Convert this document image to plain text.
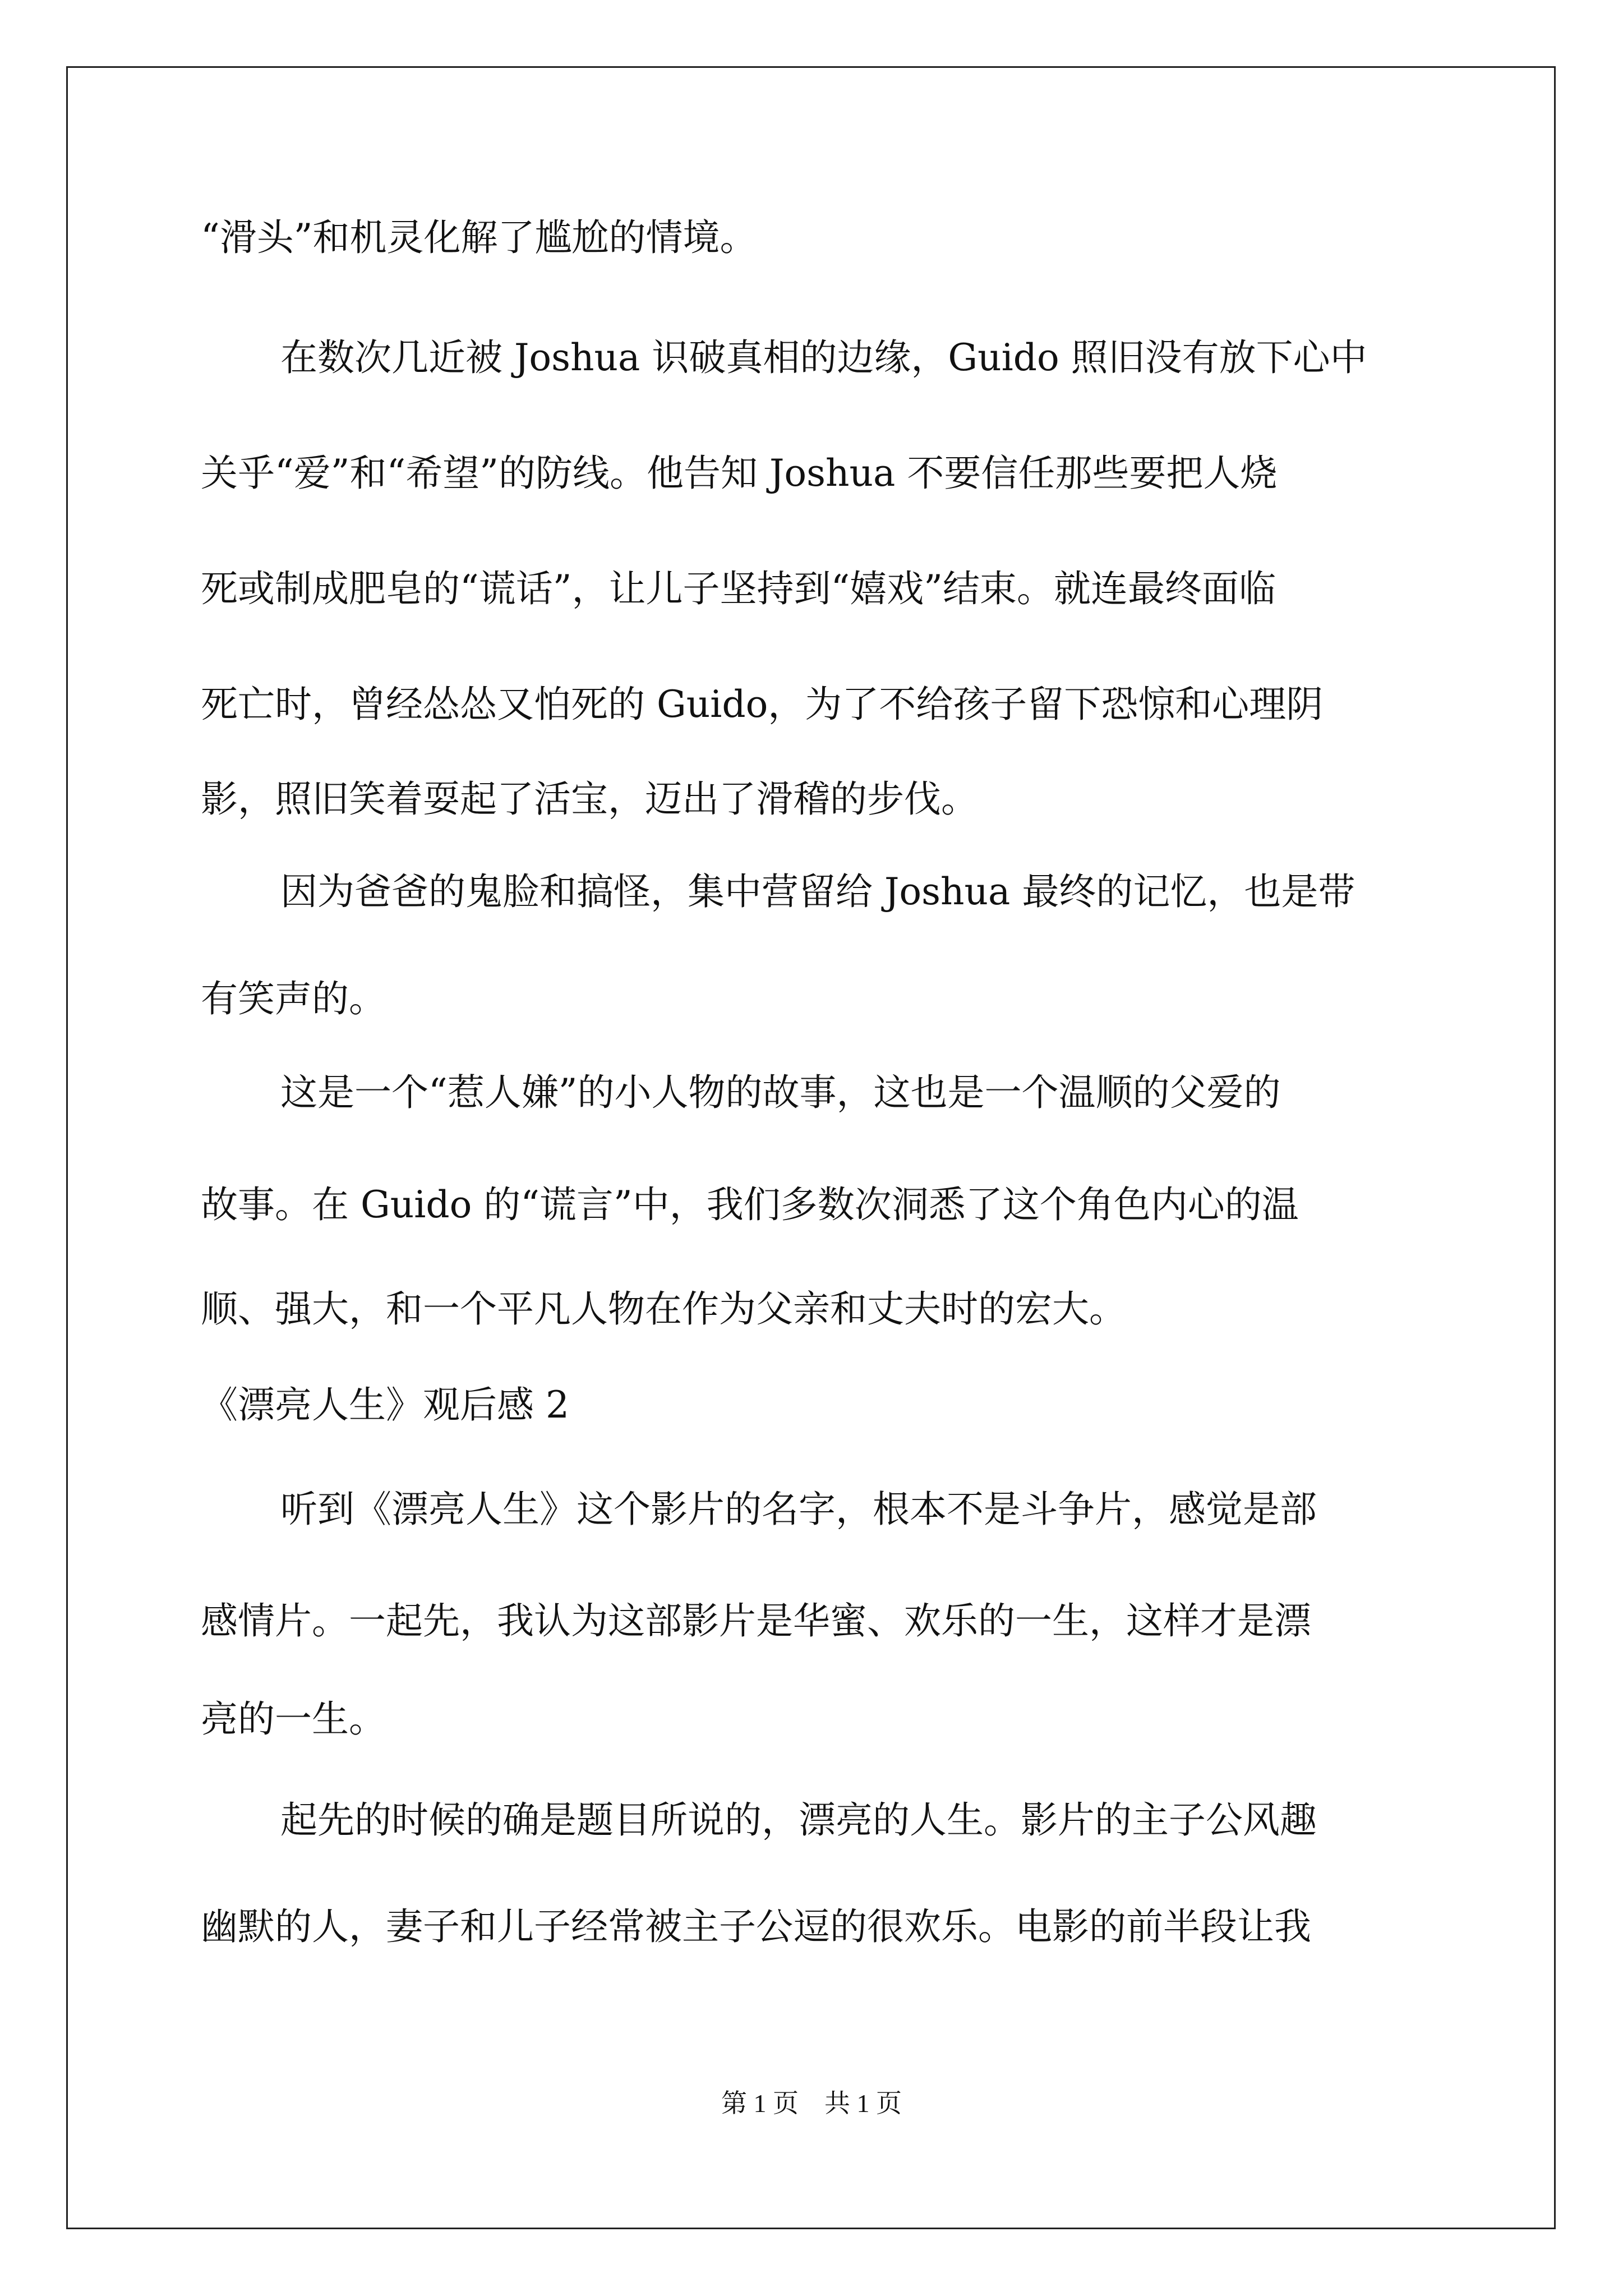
“滑头”和机灵化解了尴尬的情境。
在数次几近被 Joshua 识破真相的边缘，Guido 照旧没有放下心中
关乎“爱”和“希望”的防线。他告知 Joshua 不要信任那些要把人烧
死或制成肥皂的“谎话”，让儿子坚持到“嬉戏”结束。就连最终面临
死亡时，曾经怂怂又怕死的 Guido，为了不给孩子留下恐惊和心理阴
影，照旧笑着耍起了活宝，迈出了滑稽的步伐。
因为爸爸的鬼脸和搞怪，集中营留给 Joshua 最终的记忆，也是带
有笑声的。
这是一个“惹人嫌”的小人物的故事，这也是一个温顺的父爱的
故事。在 Guido 的“谎言”中，我们多数次洞悉了这个角色内心的温
顺、强大，和一个平凡人物在作为父亲和丈夫时的宏大。
《漂亮人生》观后感 2
听到《漂亮人生》这个影片的名字，根本不是斗争片，感觉是部
感情片。一起先，我认为这部影片是华蜜、欢乐的一生，这样才是漂
亮的一生。
起先的时候的确是题目所说的，漂亮的人生。影片的主子公风趣
幽默的人，妻子和儿子经常被主子公逗的很欢乐。电影的前半段让我
第 1 页　共 1 页
